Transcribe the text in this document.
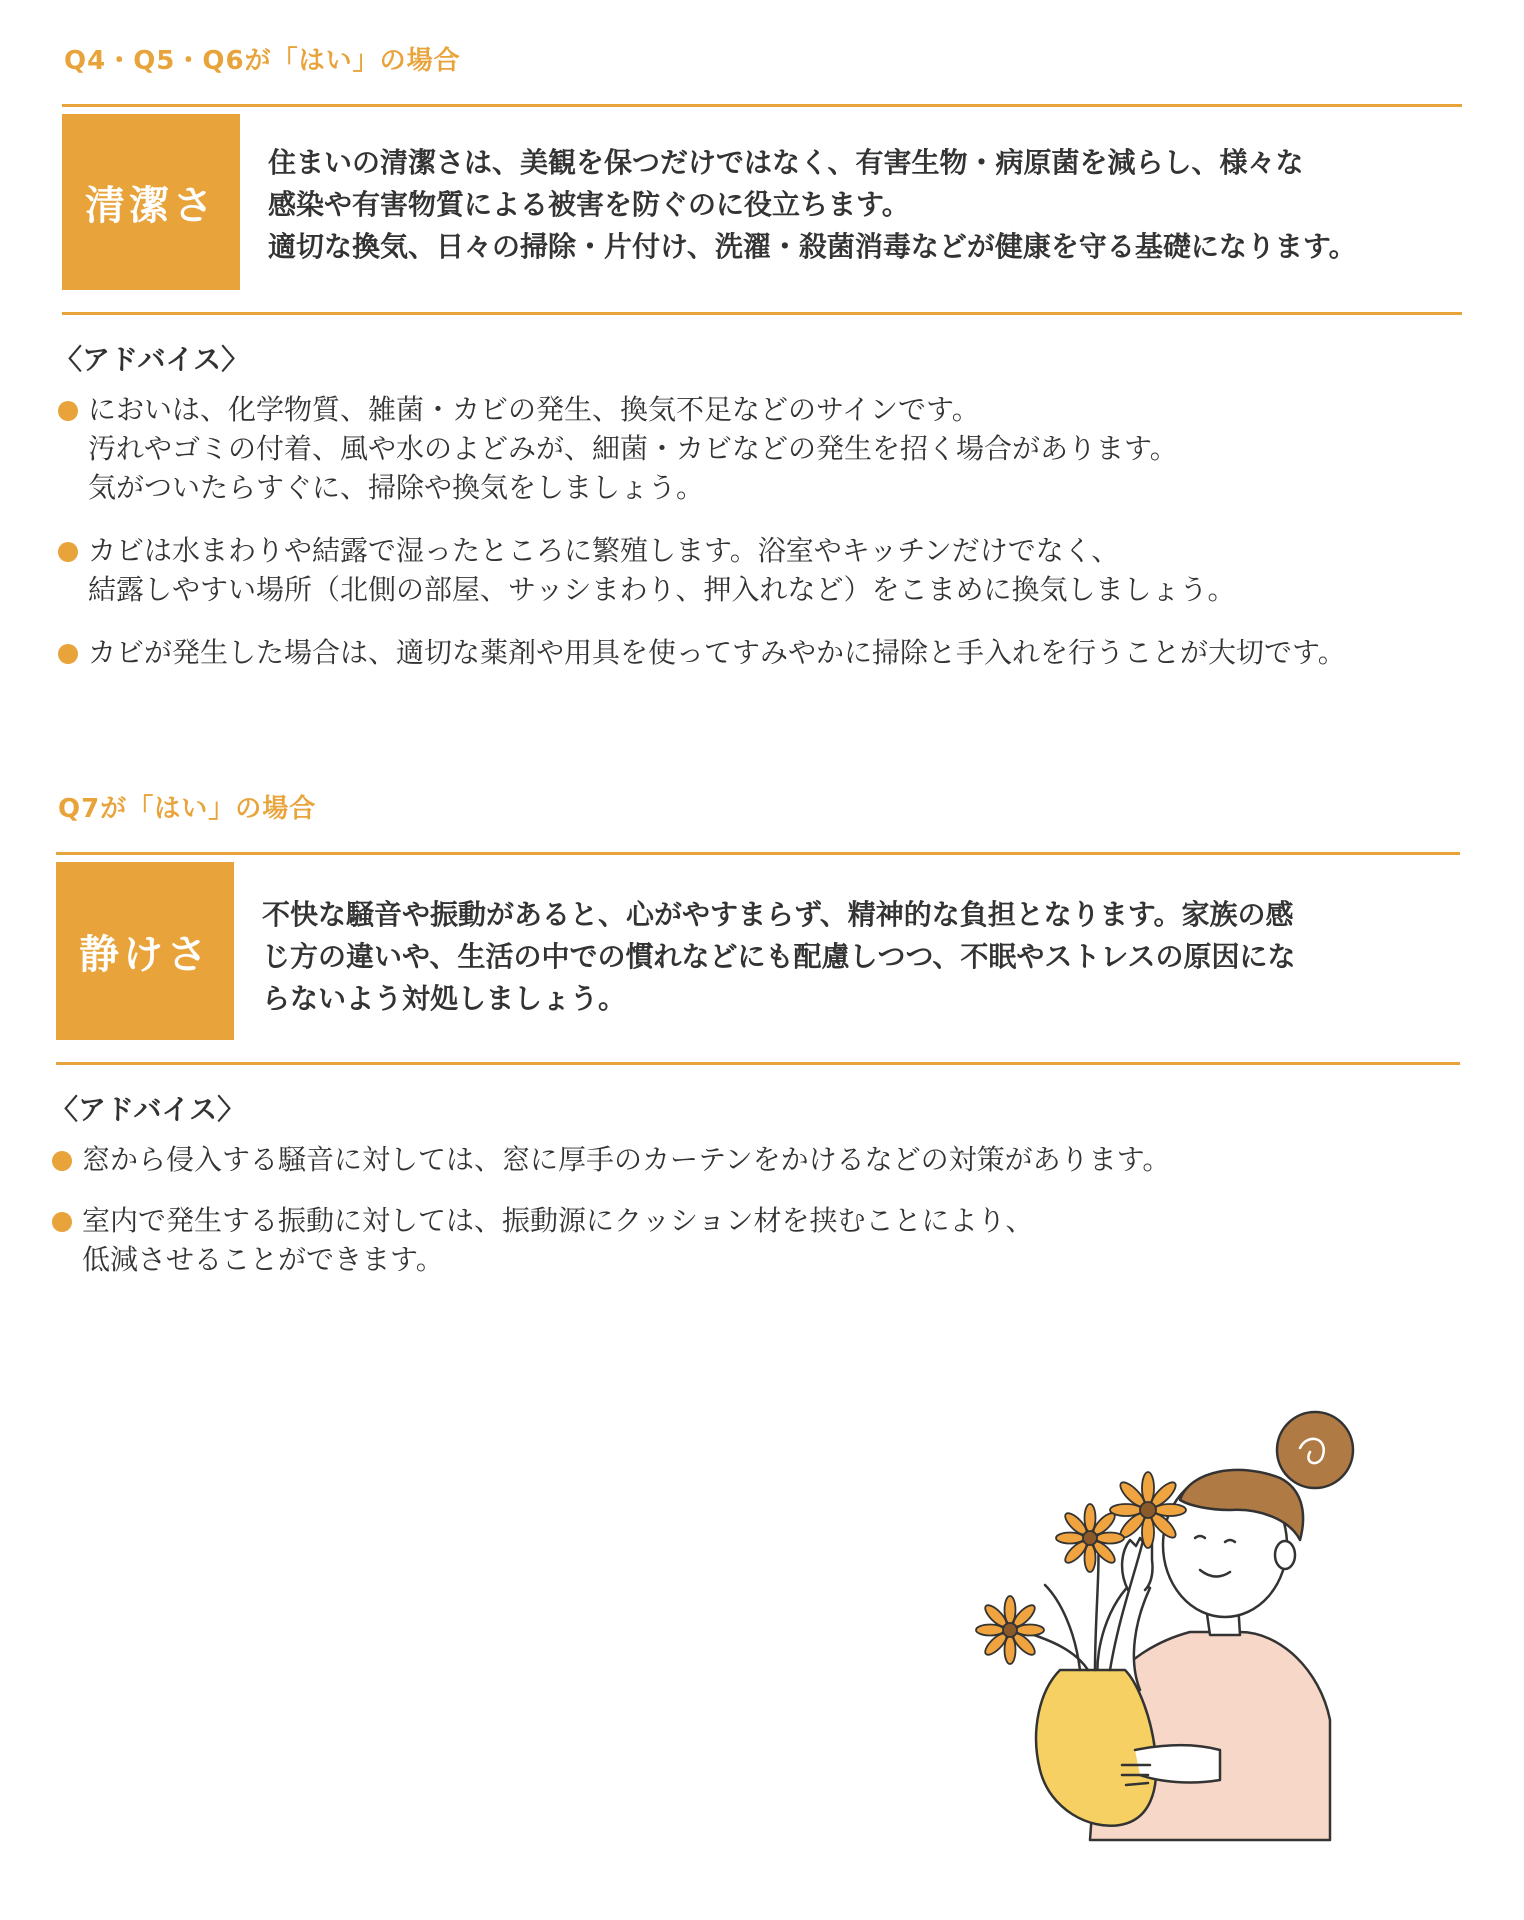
Q4・Q5・Q6が「はい」の場合
清潔さ

住まいの清潔さは、美観を保つだけではなく、有害生物・病原菌を減らし、様々な

感染や有害物質による被害を防ぐのに役立ちます。

適切な換気、日々の掃除・片付け、洗濯・殺菌消毒などが健康を守る基礎になります。

〈アドバイス〉
においは、化学物質、雑菌・カビの発生、換気不足などのサインです。
汚れやゴミの付着、風や水のよどみが、細菌・カビなどの発生を招く場合があります。
気がついたらすぐに、掃除や換気をしましょう。
カビは水まわりや結露で湿ったところに繁殖します。浴室やキッチンだけでなく、
結露しやすい場所（北側の部屋、サッシまわり、押入れなど）をこまめに換気しましょう。
カビが発生した場合は、適切な薬剤や用具を使ってすみやかに掃除と手入れを行うことが大切です。
Q7が「はい」の場合
静けさ

不快な騒音や振動があると、心がやすまらず、精神的な負担となります。家族の感

じ方の違いや、生活の中での慣れなどにも配慮しつつ、不眠やストレスの原因にな

らないよう対処しましょう。

〈アドバイス〉
窓から侵入する騒音に対しては、窓に厚手のカーテンをかけるなどの対策があります。
室内で発生する振動に対しては、振動源にクッション材を挟むことにより、
低減させることができます。
